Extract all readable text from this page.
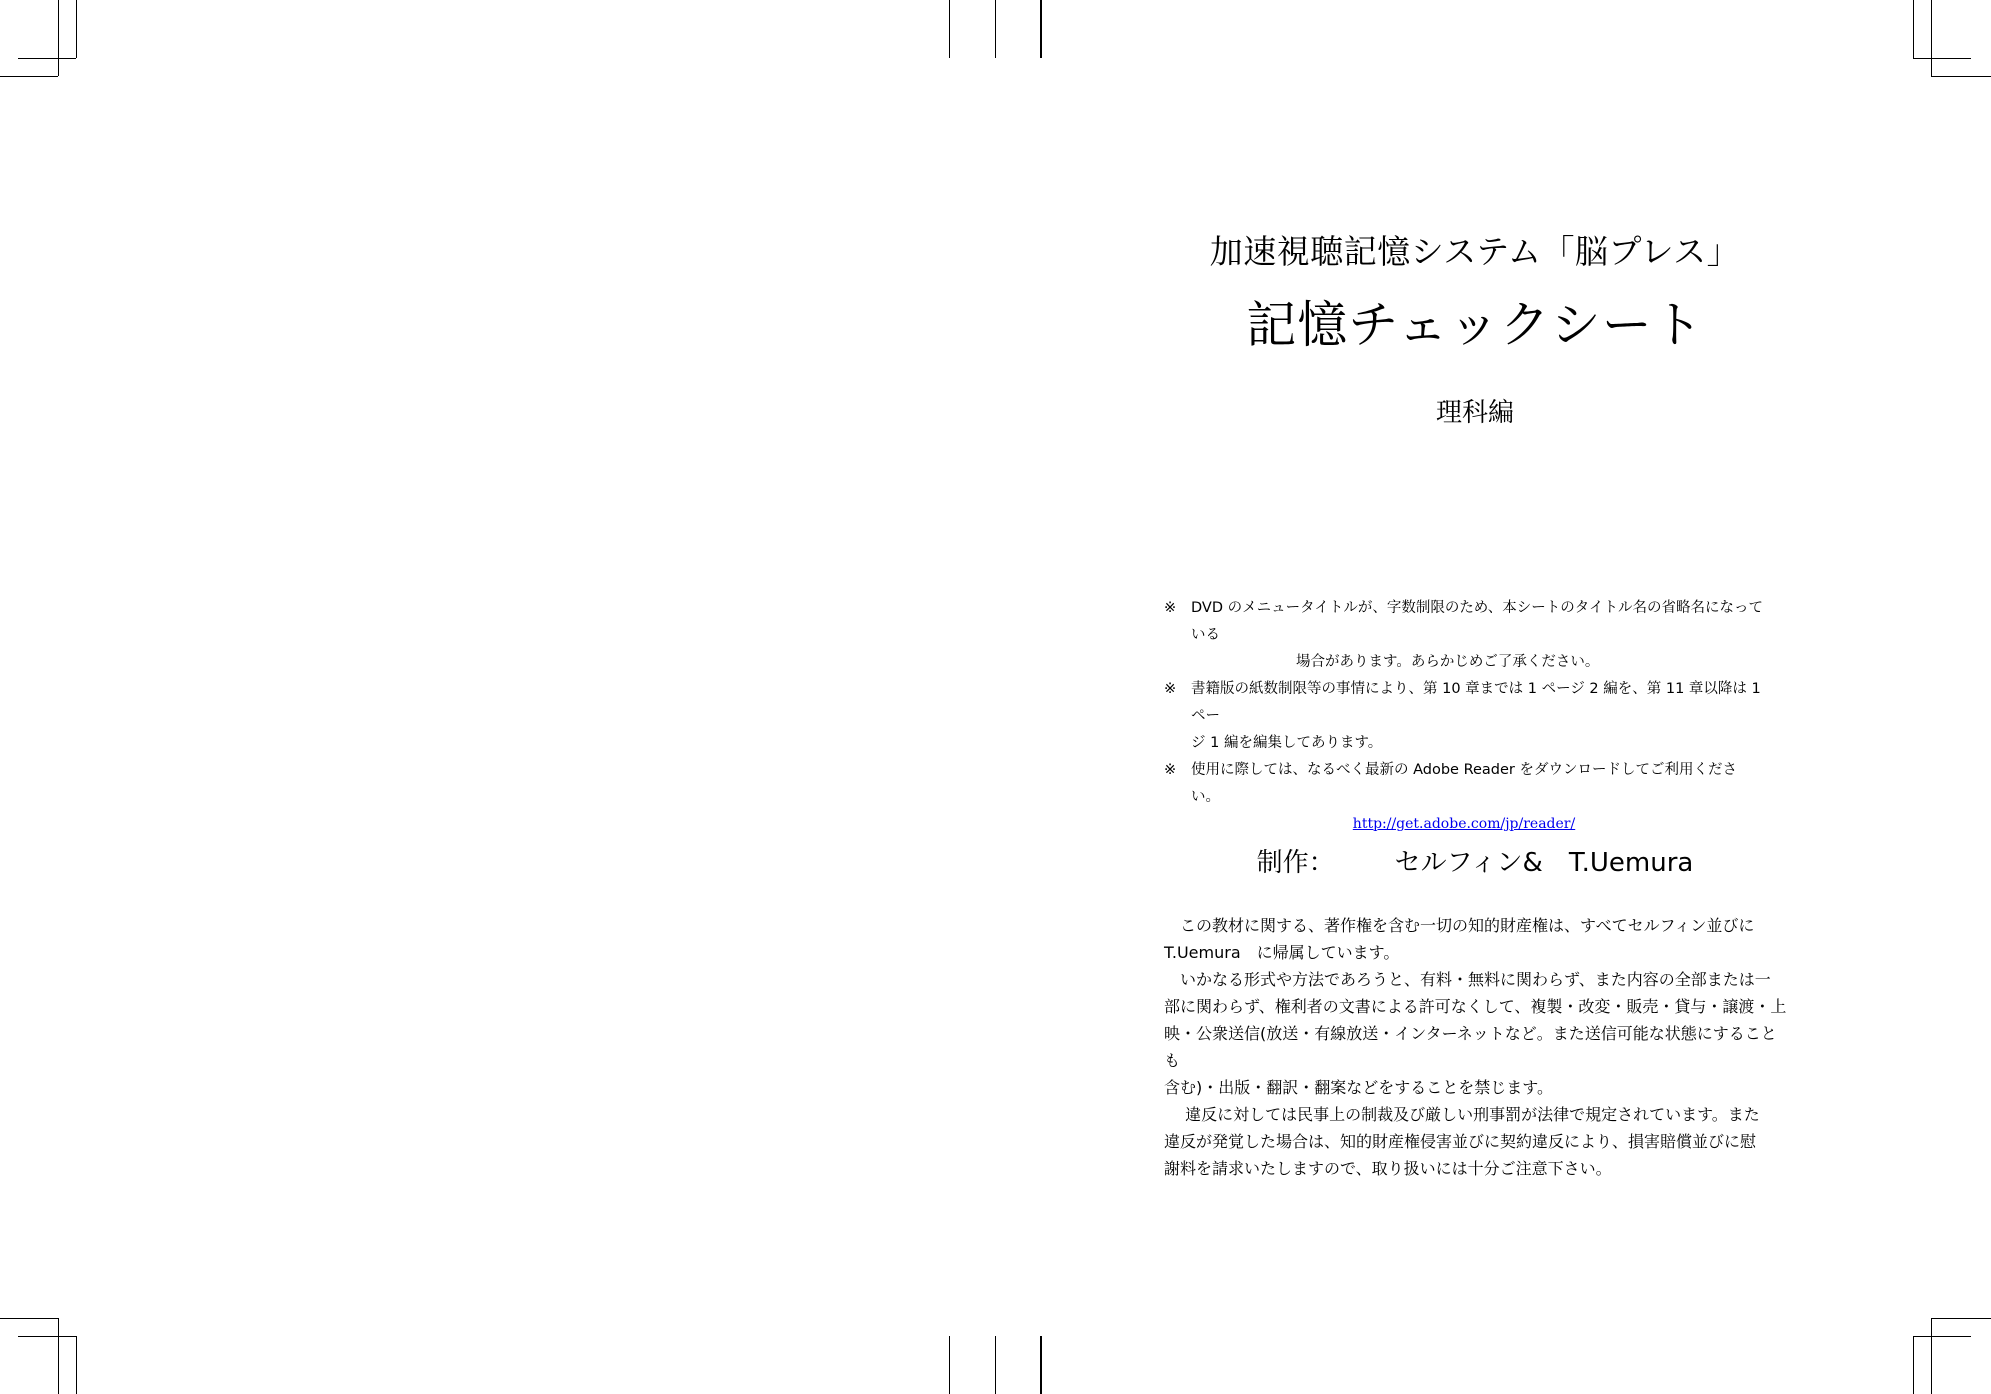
加速視聴記憶システム「脳プレス」
記憶チェックシート
理科編
※ DVD のメニュータイトルが、字数制限のため、本シートのタイトル名の省略名になっている

場合があります。あらかじめご了承ください。
※ 書籍版の紙数制限等の事情により、第 10 章までは 1 ページ 2 編を、第 11 章以降は 1 ペー
ジ 1 編を編集してあります。
※ 使用に際しては、なるべく最新の Adobe Reader をダウンロードしてご利用ください。
http://get.adobe.com/jp/reader/
制作： セルフィン&　T.Uemura

　この教材に関する、著作権を含む一切の知的財産権は、すべてセルフィン並びに

T.Uemura　に帰属しています。

　いかなる形式や方法であろうと、有料・無料に関わらず、また内容の全部または一

部に関わらず、権利者の文書による許可なくして、複製・改変・販売・貸与・譲渡・上

映・公衆送信(放送・有線放送・インターネットなど。また送信可能な状態にすることも

含む)・出版・翻訳・翻案などをすることを禁じます。

　 違反に対しては民事上の制裁及び厳しい刑事罰が法律で規定されています。また

違反が発覚した場合は、知的財産権侵害並びに契約違反により、損害賠償並びに慰

謝料を請求いたしますので、取り扱いには十分ご注意下さい。
